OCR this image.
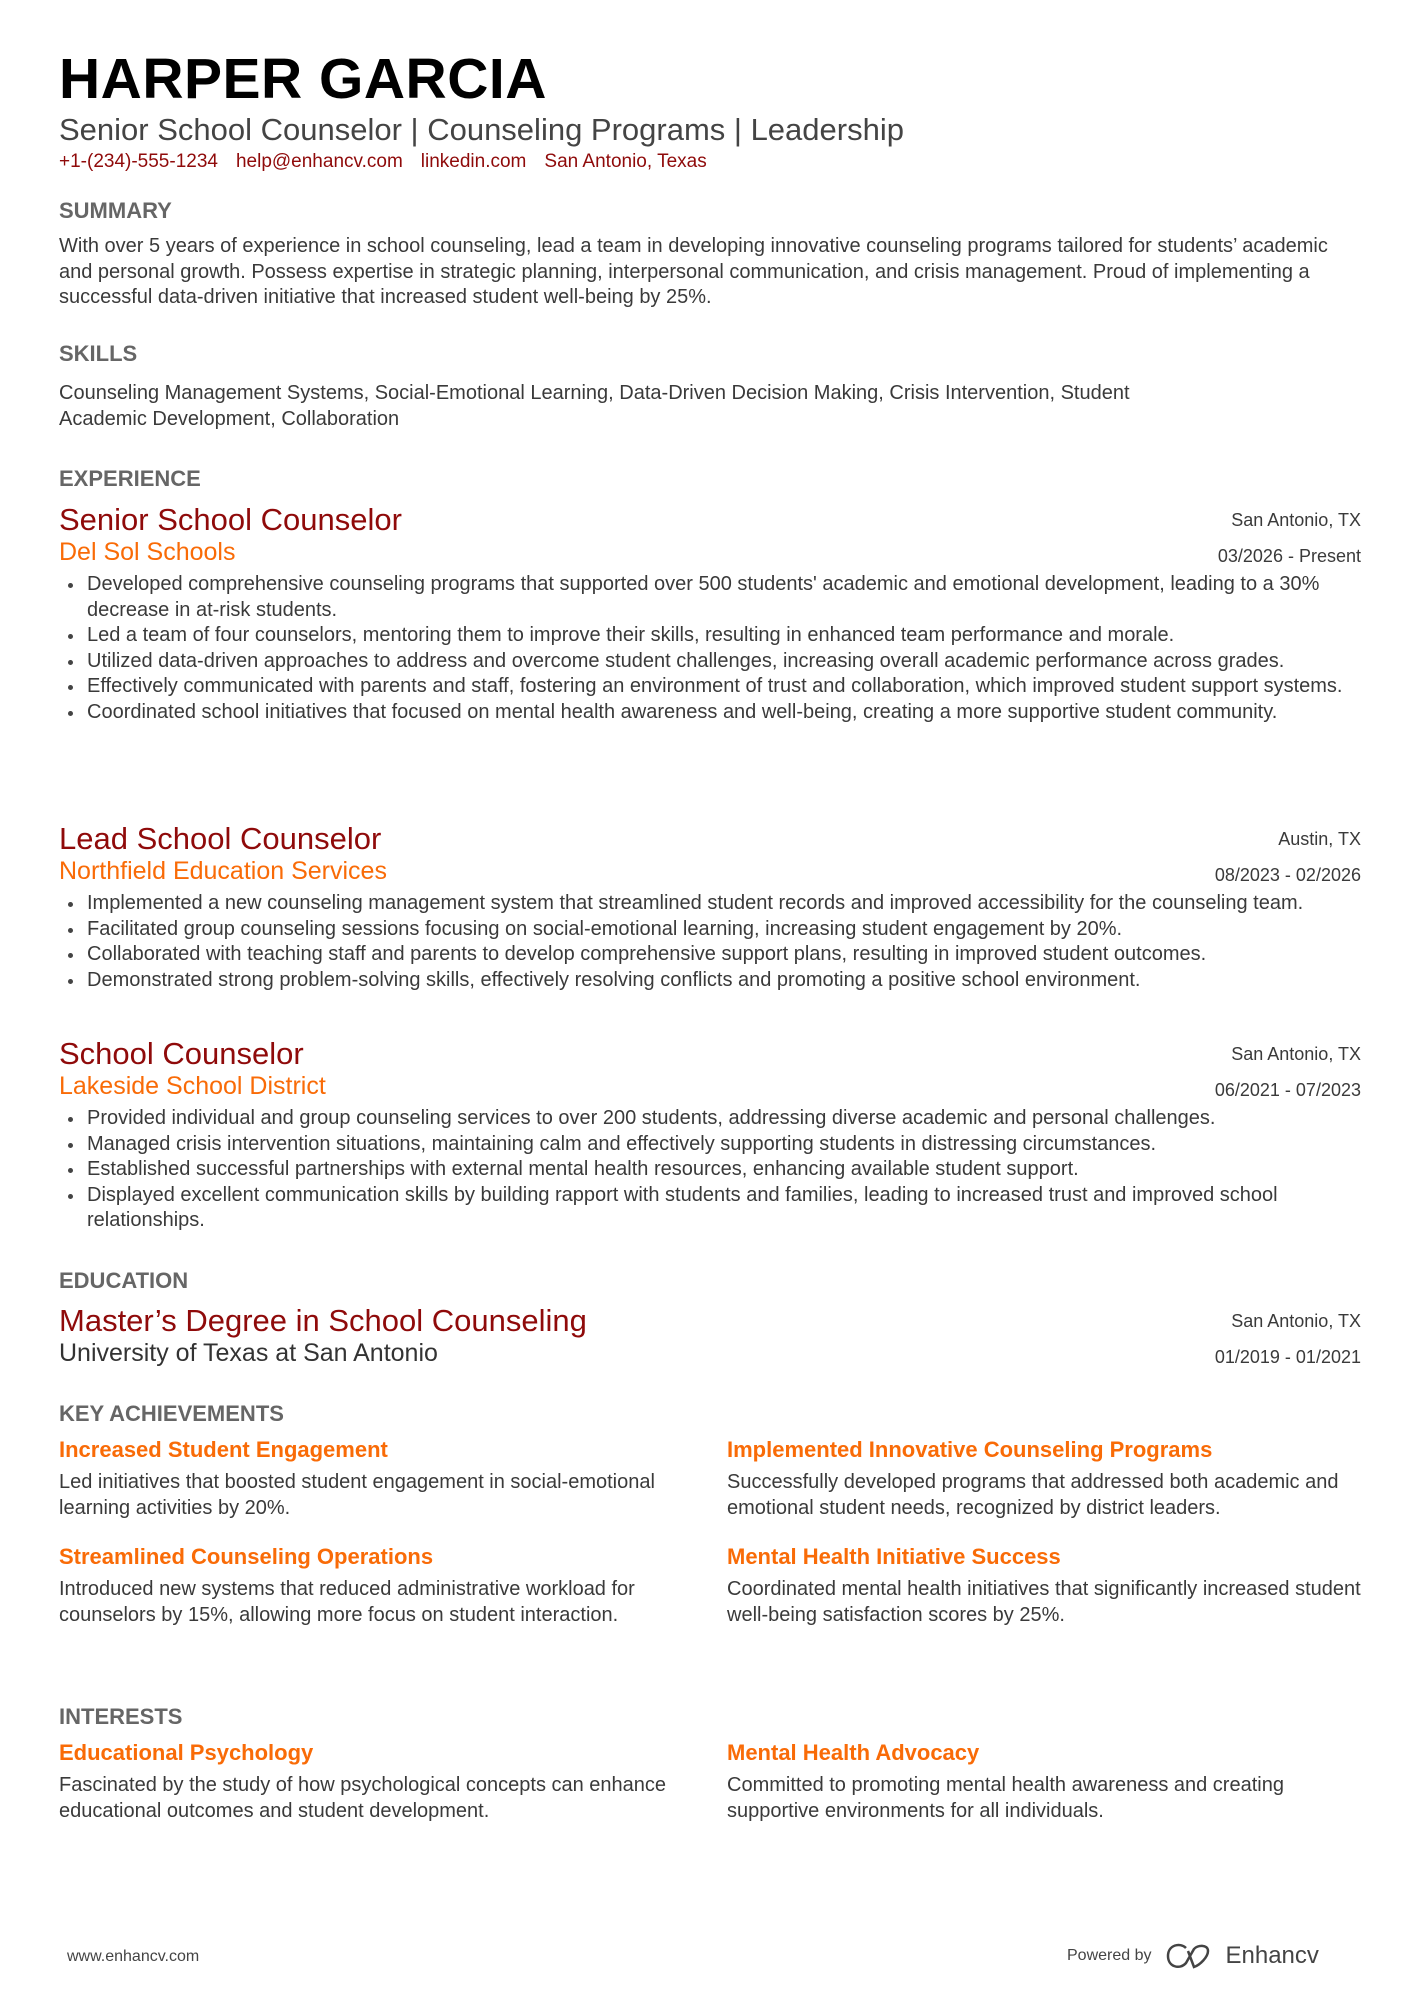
HARPER GARCIA
Senior School Counselor | Counseling Programs | Leadership
+1-(234)-555-1234 help@enhancv.com linkedin.com San Antonio, Texas
SUMMARY
With over 5 years of experience in school counseling, lead a team in developing innovative counseling programs tailored for students’ academic and personal growth. Possess expertise in strategic planning, interpersonal communication, and crisis management. Proud of implementing a successful data-driven initiative that increased student well-being by 25%.
SKILLS
Counseling Management Systems, Social-Emotional Learning, Data-Driven Decision Making, Crisis Intervention, Student Academic Development, Collaboration
EXPERIENCE
Senior School Counselor
Del Sol Schools
San Antonio, TX
03/2026 - Present
Developed comprehensive counseling programs that supported over 500 students' academic and emotional development, leading to a 30% decrease in at-risk students.
Led a team of four counselors, mentoring them to improve their skills, resulting in enhanced team performance and morale.
Utilized data-driven approaches to address and overcome student challenges, increasing overall academic performance across grades.
Effectively communicated with parents and staff, fostering an environment of trust and collaboration, which improved student support systems.
Coordinated school initiatives that focused on mental health awareness and well-being, creating a more supportive student community.
Lead School Counselor
Northfield Education Services
Austin, TX
08/2023 - 02/2026
Implemented a new counseling management system that streamlined student records and improved accessibility for the counseling team.
Facilitated group counseling sessions focusing on social-emotional learning, increasing student engagement by 20%.
Collaborated with teaching staff and parents to develop comprehensive support plans, resulting in improved student outcomes.
Demonstrated strong problem-solving skills, effectively resolving conflicts and promoting a positive school environment.
School Counselor
Lakeside School District
San Antonio, TX
06/2021 - 07/2023
Provided individual and group counseling services to over 200 students, addressing diverse academic and personal challenges.
Managed crisis intervention situations, maintaining calm and effectively supporting students in distressing circumstances.
Established successful partnerships with external mental health resources, enhancing available student support.
Displayed excellent communication skills by building rapport with students and families, leading to increased trust and improved school relationships.
EDUCATION
Master’s Degree in School Counseling
University of Texas at San Antonio
San Antonio, TX
01/2019 - 01/2021
KEY ACHIEVEMENTS
Increased Student Engagement
Led initiatives that boosted student engagement in social-emotional learning activities by 20%.
Implemented Innovative Counseling Programs
Successfully developed programs that addressed both academic and emotional student needs, recognized by district leaders.
Streamlined Counseling Operations
Introduced new systems that reduced administrative workload for counselors by 15%, allowing more focus on student interaction.
Mental Health Initiative Success
Coordinated mental health initiatives that significantly increased student well-being satisfaction scores by 25%.
INTERESTS
Educational Psychology
Fascinated by the study of how psychological concepts can enhance educational outcomes and student development.
Mental Health Advocacy
Committed to promoting mental health awareness and creating supportive environments for all individuals.
www.enhancv.com	Powered by	Enhancv
